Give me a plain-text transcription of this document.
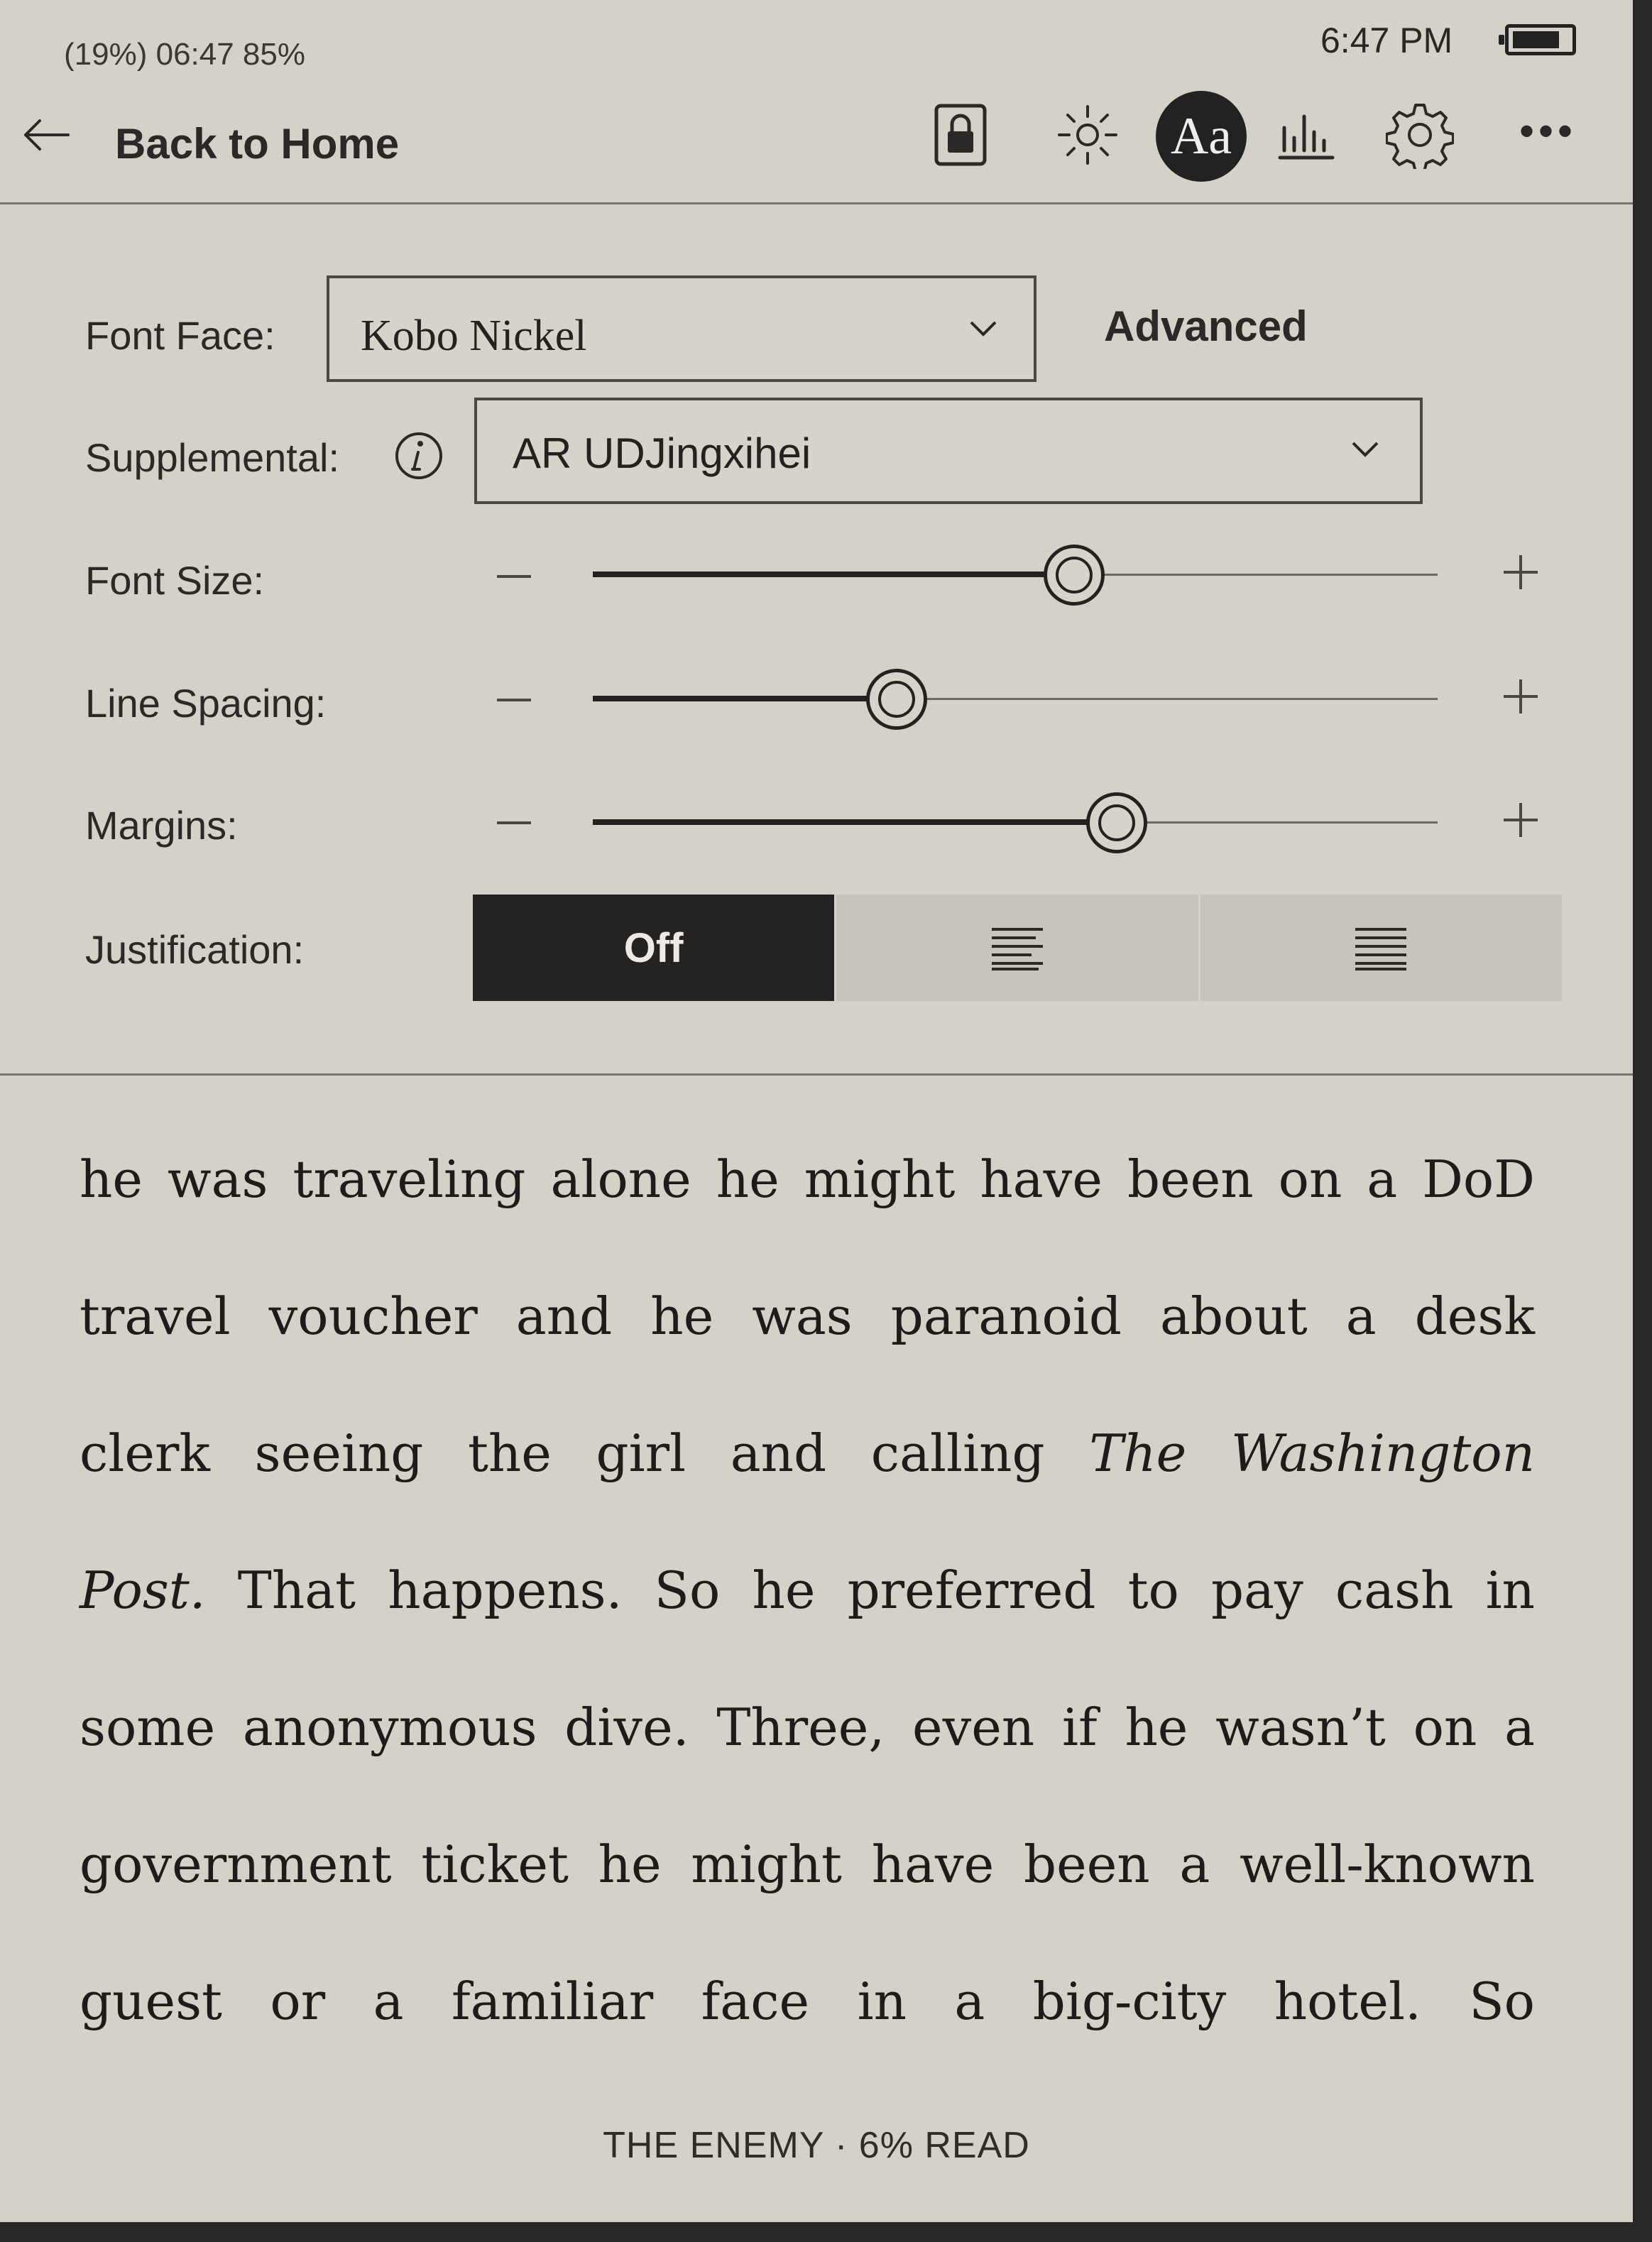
(19%) 06:47 85%	6:47 PM
Back to Home	Aa	•••
Font Face: Kobo Nickel	Advanced
Supplemental:	AR UDJingxihei
Font Size:
Line Spacing:
Margins:
Justification:	Off
he was traveling alone he might have been on a DoD
travel voucher and he was paranoid about a desk
clerk seeing the girl and calling The Washington
Post. That happens. So he preferred to pay cash in
some anonymous dive. Three, even if he wasn’t on a
government ticket he might have been a well-known
guest or a familiar face in a big-city hotel. So
THE ENEMY · 6% READ
